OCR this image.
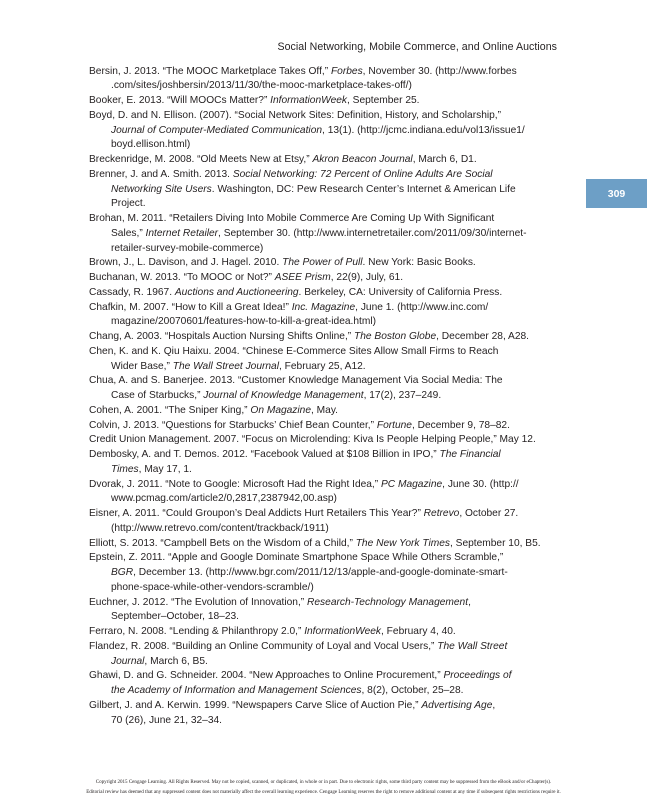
Social Networking, Mobile Commerce, and Online Auctions
309
Bersin, J. 2013. “The MOOC Marketplace Takes Off,” Forbes, November 30. (http://www.forbes
.com/sites/joshbersin/2013/11/30/the-mooc-marketplace-takes-off/)
Booker, E. 2013. “Will MOOCs Matter?” InformationWeek, September 25.
Boyd, D. and N. Ellison. (2007). “Social Network Sites: Definition, History, and Scholarship,”
Journal of Computer-Mediated Communication, 13(1). (http://jcmc.indiana.edu/vol13/issue1/
boyd.ellison.html)
Breckenridge, M. 2008. “Old Meets New at Etsy,” Akron Beacon Journal, March 6, D1.
Brenner, J. and A. Smith. 2013. Social Networking: 72 Percent of Online Adults Are Social
Networking Site Users. Washington, DC: Pew Research Center’s Internet & American Life
Project.
Brohan, M. 2011. “Retailers Diving Into Mobile Commerce Are Coming Up With Significant
Sales,” Internet Retailer, September 30. (http://www.internetretailer.com/2011/09/30/internet-
retailer-survey-mobile-commerce)
Brown, J., L. Davison, and J. Hagel. 2010. The Power of Pull. New York: Basic Books.
Buchanan, W. 2013. “To MOOC or Not?” ASEE Prism, 22(9), July, 61.
Cassady, R. 1967. Auctions and Auctioneering. Berkeley, CA: University of California Press.
Chafkin, M. 2007. “How to Kill a Great Idea!” Inc. Magazine, June 1. (http://www.inc.com/
magazine/20070601/features-how-to-kill-a-great-idea.html)
Chang, A. 2003. “Hospitals Auction Nursing Shifts Online,” The Boston Globe, December 28, A28.
Chen, K. and K. Qiu Haixu. 2004. “Chinese E-Commerce Sites Allow Small Firms to Reach
Wider Base,” The Wall Street Journal, February 25, A12.
Chua, A. and S. Banerjee. 2013. “Customer Knowledge Management Via Social Media: The
Case of Starbucks,” Journal of Knowledge Management, 17(2), 237–249.
Cohen, A. 2001. “The Sniper King,” On Magazine, May.
Colvin, J. 2013. “Questions for Starbucks’ Chief Bean Counter,” Fortune, December 9, 78–82.
Credit Union Management. 2007. “Focus on Microlending: Kiva Is People Helping People,” May 12.
Dembosky, A. and T. Demos. 2012. “Facebook Valued at $108 Billion in IPO,” The Financial
Times, May 17, 1.
Dvorak, J. 2011. “Note to Google: Microsoft Had the Right Idea,” PC Magazine, June 30. (http://
www.pcmag.com/article2/0,2817,2387942,00.asp)
Eisner, A. 2011. “Could Groupon’s Deal Addicts Hurt Retailers This Year?” Retrevo, October 27.
(http://www.retrevo.com/content/trackback/1911)
Elliott, S. 2013. “Campbell Bets on the Wisdom of a Child,” The New York Times, September 10, B5.
Epstein, Z. 2011. “Apple and Google Dominate Smartphone Space While Others Scramble,”
BGR, December 13. (http://www.bgr.com/2011/12/13/apple-and-google-dominate-smart-
phone-space-while-other-vendors-scramble/)
Euchner, J. 2012. “The Evolution of Innovation,” Research-Technology Management,
September–October, 18–23.
Ferraro, N. 2008. “Lending & Philanthropy 2.0,” InformationWeek, February 4, 40.
Flandez, R. 2008. “Building an Online Community of Loyal and Vocal Users,” The Wall Street
Journal, March 6, B5.
Ghawi, D. and G. Schneider. 2004. “New Approaches to Online Procurement,” Proceedings of
the Academy of Information and Management Sciences, 8(2), October, 25–28.
Gilbert, J. and A. Kerwin. 1999. “Newspapers Carve Slice of Auction Pie,” Advertising Age,
70 (26), June 21, 32–34.
Copyright 2015 Cengage Learning. All Rights Reserved. May not be copied, scanned, or duplicated, in whole or in part. Due to electronic rights, some third party content may be suppressed from the eBook and/or eChapter(s).
Editorial review has deemed that any suppressed content does not materially affect the overall learning experience. Cengage Learning reserves the right to remove additional content at any time if subsequent rights restrictions require it.
